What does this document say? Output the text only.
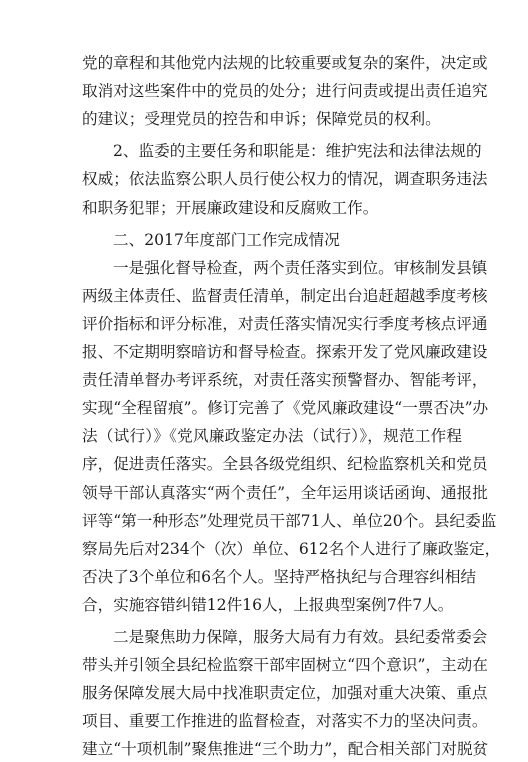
党的章程和其他党内法规的比较重要或复杂的案件，决定或
取消对这些案件中的党员的处分；进行问责或提出责任追究
的建议；受理党员的控告和申诉；保障党员的权利。
2、监委的主要任务和职能是：维护宪法和法律法规的
权威；依法监察公职人员行使公权力的情况，调查职务违法
和职务犯罪；开展廉政建设和反腐败工作。
二、2017年度部门工作完成情况
一是强化督导检查，两个责任落实到位。审核制发县镇
两级主体责任、监督责任清单，制定出台追赶超越季度考核
评价指标和评分标准，对责任落实情况实行季度考核点评通
报、不定期明察暗访和督导检查。探索开发了党风廉政建设
责任清单督办考评系统，对责任落实预警督办、智能考评，
实现“全程留痕”。修订完善了《党风廉政建设“一票否决”办
法（试行）》《党风廉政鉴定办法（试行）》，规范工作程
序，促进责任落实。全县各级党组织、纪检监察机关和党员
领导干部认真落实“两个责任”，全年运用谈话函询、通报批
评等“第一种形态”处理党员干部71人、单位20个。县纪委监
察局先后对234个（次）单位、612名个人进行了廉政鉴定，
否决了3个单位和6名个人。坚持严格执纪与合理容纠相结
合，实施容错纠错12件16人，上报典型案例7件7人。
二是聚焦助力保障，服务大局有力有效。县纪委常委会
带头并引领全县纪检监察干部牢固树立“四个意识”，主动在
服务保障发展大局中找准职责定位，加强对重大决策、重点
项目、重要工作推进的监督检查，对落实不力的坚决问责。
建立“十项机制”聚焦推进“三个助力”，配合相关部门对脱贫
